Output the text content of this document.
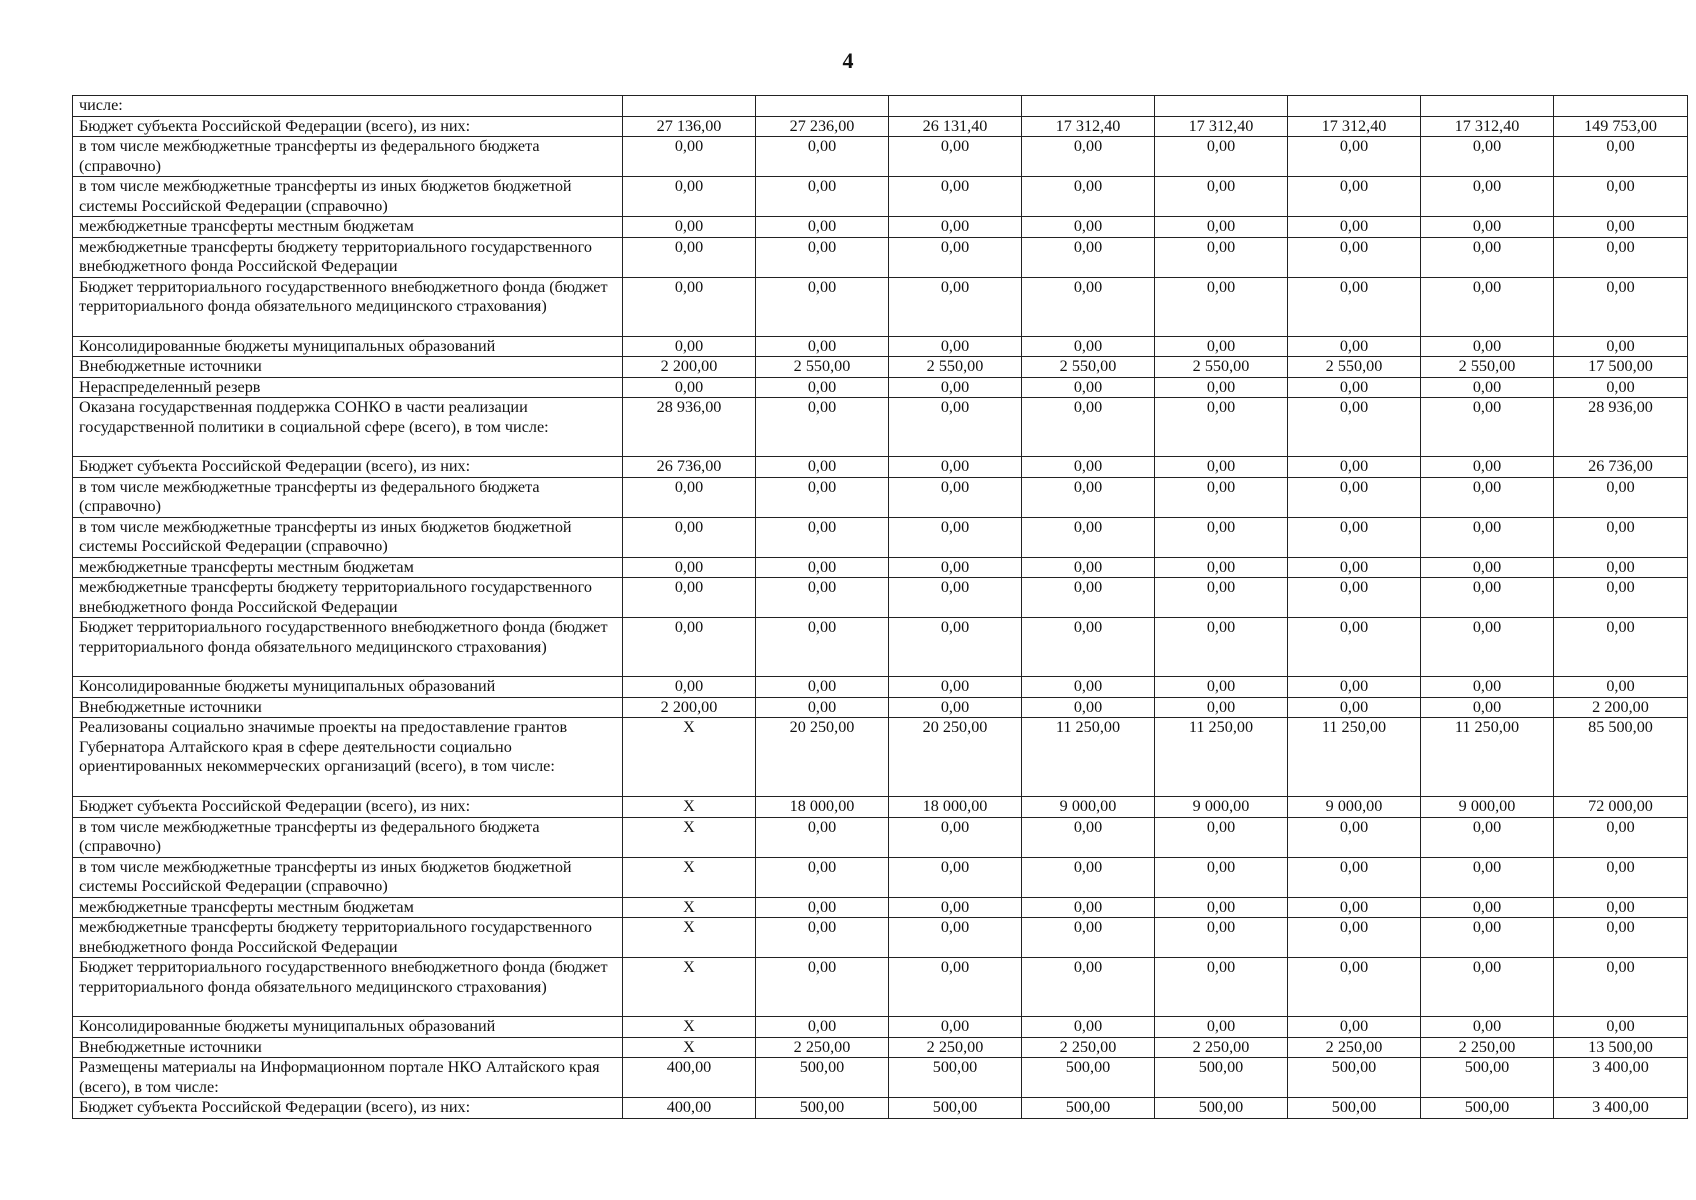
4
числе:								
Бюджет субъекта Российской Федерации (всего), из них:	27 136,00	27 236,00	26 131,40	17 312,40	17 312,40	17 312,40	17 312,40	149 753,00
в том числе межбюджетные трансферты из федерального бюджета (справочно)	0,00	0,00	0,00	0,00	0,00	0,00	0,00	0,00
в том числе межбюджетные трансферты из иных бюджетов бюджетной системы Российской Федерации (справочно)	0,00	0,00	0,00	0,00	0,00	0,00	0,00	0,00
межбюджетные трансферты местным бюджетам	0,00	0,00	0,00	0,00	0,00	0,00	0,00	0,00
межбюджетные трансферты бюджету территориального государственного внебюджетного фонда Российской Федерации	0,00	0,00	0,00	0,00	0,00	0,00	0,00	0,00
Бюджет территориального государственного внебюджетного фонда (бюджет территориального фонда обязательного медицинского страхования)	0,00	0,00	0,00	0,00	0,00	0,00	0,00	0,00
Консолидированные бюджеты муниципальных образований	0,00	0,00	0,00	0,00	0,00	0,00	0,00	0,00
Внебюджетные источники	2 200,00	2 550,00	2 550,00	2 550,00	2 550,00	2 550,00	2 550,00	17 500,00
Нераспределенный резерв	0,00	0,00	0,00	0,00	0,00	0,00	0,00	0,00
Оказана государственная поддержка СОНКО в части реализации государственной политики в социальной сфере (всего), в том числе:	28 936,00	0,00	0,00	0,00	0,00	0,00	0,00	28 936,00
Бюджет субъекта Российской Федерации (всего), из них:	26 736,00	0,00	0,00	0,00	0,00	0,00	0,00	26 736,00
в том числе межбюджетные трансферты из федерального бюджета (справочно)	0,00	0,00	0,00	0,00	0,00	0,00	0,00	0,00
в том числе межбюджетные трансферты из иных бюджетов бюджетной системы Российской Федерации (справочно)	0,00	0,00	0,00	0,00	0,00	0,00	0,00	0,00
межбюджетные трансферты местным бюджетам	0,00	0,00	0,00	0,00	0,00	0,00	0,00	0,00
межбюджетные трансферты бюджету территориального государственного внебюджетного фонда Российской Федерации	0,00	0,00	0,00	0,00	0,00	0,00	0,00	0,00
Бюджет территориального государственного внебюджетного фонда (бюджет территориального фонда обязательного медицинского страхования)	0,00	0,00	0,00	0,00	0,00	0,00	0,00	0,00
Консолидированные бюджеты муниципальных образований	0,00	0,00	0,00	0,00	0,00	0,00	0,00	0,00
Внебюджетные источники	2 200,00	0,00	0,00	0,00	0,00	0,00	0,00	2 200,00
Реализованы социально значимые проекты на предоставление грантов Губернатора Алтайского края в сфере деятельности социально ориентированных некоммерческих организаций (всего), в том числе:	Х	20 250,00	20 250,00	11 250,00	11 250,00	11 250,00	11 250,00	85 500,00
Бюджет субъекта Российской Федерации (всего), из них:	Х	18 000,00	18 000,00	9 000,00	9 000,00	9 000,00	9 000,00	72 000,00
в том числе межбюджетные трансферты из федерального бюджета (справочно)	Х	0,00	0,00	0,00	0,00	0,00	0,00	0,00
в том числе межбюджетные трансферты из иных бюджетов бюджетной системы Российской Федерации (справочно)	Х	0,00	0,00	0,00	0,00	0,00	0,00	0,00
межбюджетные трансферты местным бюджетам	Х	0,00	0,00	0,00	0,00	0,00	0,00	0,00
межбюджетные трансферты бюджету территориального государственного внебюджетного фонда Российской Федерации	Х	0,00	0,00	0,00	0,00	0,00	0,00	0,00
Бюджет территориального государственного внебюджетного фонда (бюджет территориального фонда обязательного медицинского страхования)	Х	0,00	0,00	0,00	0,00	0,00	0,00	0,00
Консолидированные бюджеты муниципальных образований	Х	0,00	0,00	0,00	0,00	0,00	0,00	0,00
Внебюджетные источники	Х	2 250,00	2 250,00	2 250,00	2 250,00	2 250,00	2 250,00	13 500,00
Размещены материалы на Информационном портале НКО Алтайского края (всего), в том числе:	400,00	500,00	500,00	500,00	500,00	500,00	500,00	3 400,00
Бюджет субъекта Российской Федерации (всего), из них:	400,00	500,00	500,00	500,00	500,00	500,00	500,00	3 400,00
